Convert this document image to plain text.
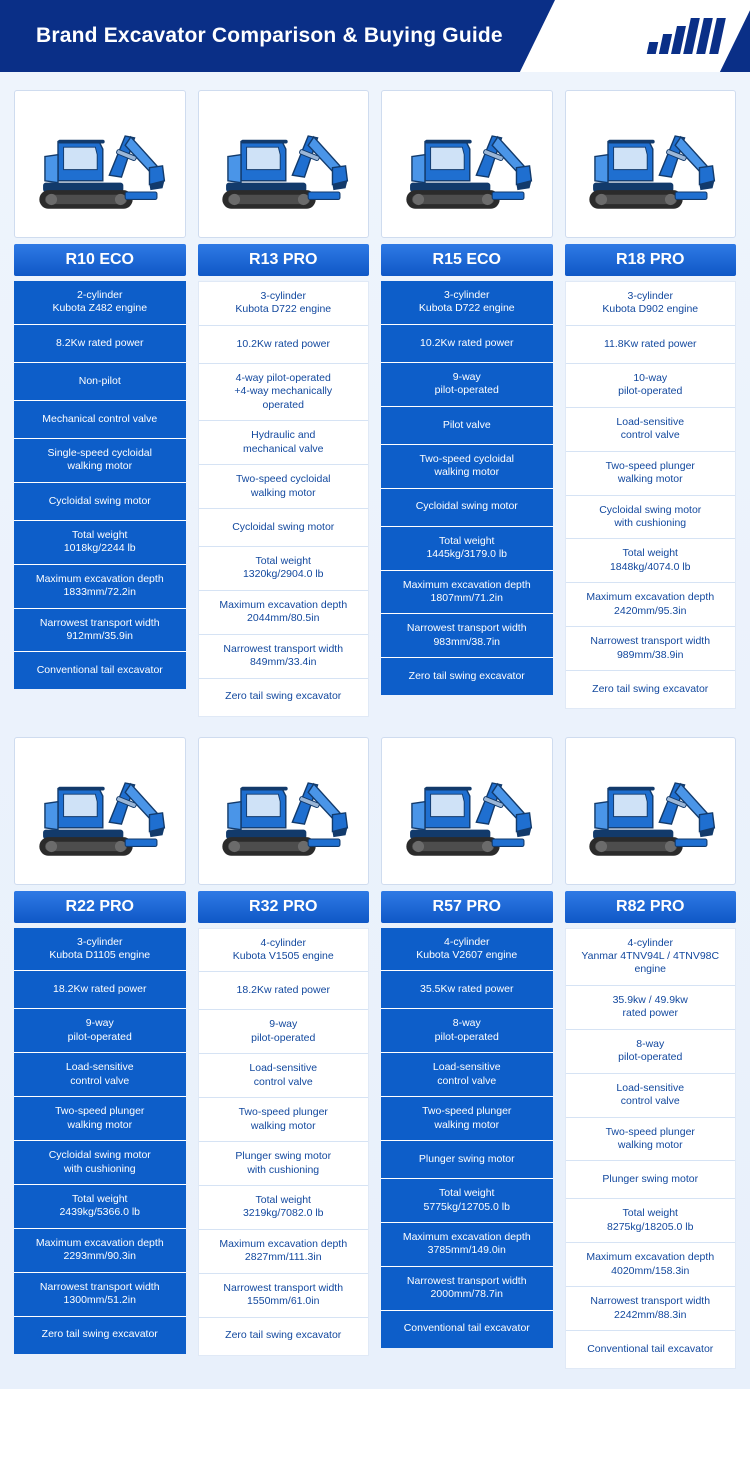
Brand Excavator Comparison & Buying Guide
R10 ECO
2-cylinder
Kubota Z482 engine
8.2Kw rated power
Non-pilot
Mechanical control valve
Single-speed cycloidal
walking motor
Cycloidal swing motor
Total weight
1018kg/2244 lb
Maximum excavation depth
1833mm/72.2in
Narrowest transport width
912mm/35.9in
Conventional tail excavator
R13 PRO
3-cylinder
Kubota D722 engine
10.2Kw rated power
4-way pilot-operated
+4-way mechanically
operated
Hydraulic and
mechanical valve
Two-speed cycloidal
walking motor
Cycloidal swing motor
Total weight
1320kg/2904.0 lb
Maximum excavation depth
2044mm/80.5in
Narrowest transport width
849mm/33.4in
Zero tail swing excavator
R15 ECO
3-cylinder
Kubota D722 engine
10.2Kw rated power
9-way
pilot-operated
Pilot valve
Two-speed cycloidal
walking motor
Cycloidal swing motor
Total weight
1445kg/3179.0 lb
Maximum excavation depth
1807mm/71.2in
Narrowest transport width
983mm/38.7in
Zero tail swing excavator
R18 PRO
3-cylinder
Kubota D902 engine
11.8Kw rated power
10-way
pilot-operated
Load-sensitive
control valve
Two-speed plunger
walking motor
Cycloidal swing motor
with cushioning
Total weight
1848kg/4074.0 lb
Maximum excavation depth
2420mm/95.3in
Narrowest transport width
989mm/38.9in
Zero tail swing excavator
R22 PRO
3-cylinder
Kubota D1105 engine
18.2Kw rated power
9-way
pilot-operated
Load-sensitive
control valve
Two-speed plunger
walking motor
Cycloidal swing motor
with cushioning
Total weight
2439kg/5366.0 lb
Maximum excavation depth
2293mm/90.3in
Narrowest transport width
1300mm/51.2in
Zero tail swing excavator
R32 PRO
4-cylinder
Kubota V1505 engine
18.2Kw rated power
9-way
pilot-operated
Load-sensitive
control valve
Two-speed plunger
walking motor
Plunger swing motor
with cushioning
Total weight
3219kg/7082.0 lb
Maximum excavation depth
2827mm/111.3in
Narrowest transport width
1550mm/61.0in
Zero tail swing excavator
R57 PRO
4-cylinder
Kubota V2607 engine
35.5Kw rated power
8-way
pilot-operated
Load-sensitive
control valve
Two-speed plunger
walking motor
Plunger swing motor
Total weight
5775kg/12705.0 lb
Maximum excavation depth
3785mm/149.0in
Narrowest transport width
2000mm/78.7in
Conventional tail excavator
R82 PRO
4-cylinder
Yanmar 4TNV94L / 4TNV98C
engine
35.9kw / 49.9kw
rated power
8-way
pilot-operated
Load-sensitive
control valve
Two-speed plunger
walking motor
Plunger swing motor
Total weight
8275kg/18205.0 lb
Maximum excavation depth
4020mm/158.3in
Narrowest transport width
2242mm/88.3in
Conventional tail excavator
